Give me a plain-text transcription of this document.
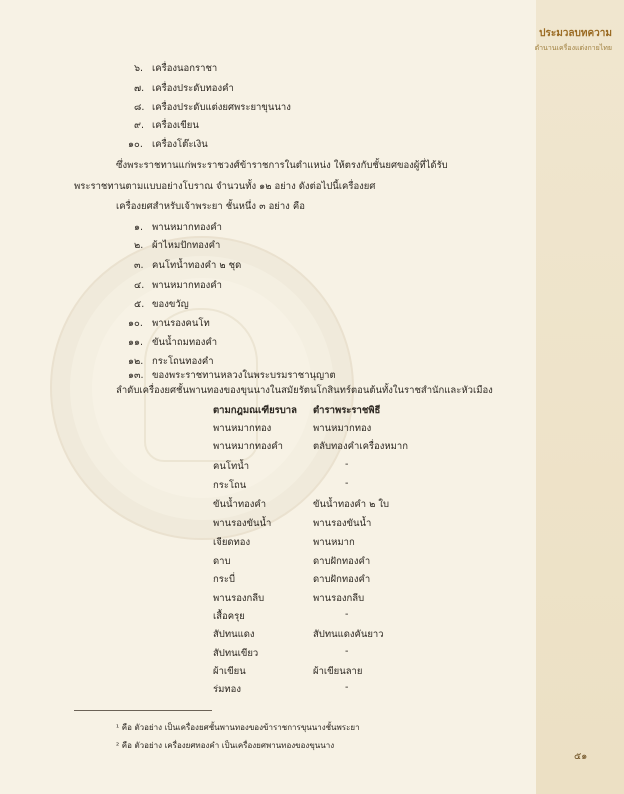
ประมวลบทความ
ตำนานเครื่องแต่งกายไทย
๖. เครื่องนอกราชา
๗. เครื่องประดับทองคำ
๘. เครื่องประดับแต่งยศพระยาขุนนาง
๙. เครื่องเขียน
๑๐. เครื่องโต๊ะเงิน
ซึ่งพระราชทานแก่พระราชวงศ์ข้าราชการในตำแหน่ง ให้ตรงกับชั้นยศของผู้ที่ได้รับ
พระราชทานตามแบบอย่างโบราณ จำนวนทั้ง ๑๒ อย่าง ดังต่อไปนี้เครื่องยศ
เครื่องยศสำหรับเจ้าพระยา ชั้นหนึ่ง ๓ อย่าง คือ
๑. พานหมากทองคำ
๒. ผ้าไหมปักทองคำ
๓. คนโทน้ำทองคำ ๒ ชุด
๔. พานหมากทองคำ
๕. ของขวัญ
๑๐. พานรองคนโท
๑๑. ขันน้ำถมทองคำ
๑๒. กระโถนทองคำ
๑๓. ของพระราชทานหลวงในพระบรมราชานุญาต
ลำดับเครื่องยศชั้นพานทองของขุนนางในสมัยรัตนโกสินทร์ตอนต้นทั้งในราชสำนักและหัวเมือง
ตามกฎมณเฑียรบาล ตำราพระราชพิธี
พานหมากทอง	พานหมากทอง
พานหมากทองคำ	ตลับทองคำเครื่องหมาก
คนโทน้ำ	-
กระโถน	-
ขันน้ำทองคำ	ขันน้ำทองคำ ๒ ใบ
พานรองขันน้ำ	พานรองขันน้ำ
เจียดทอง	พานหมาก
ดาบ	ดาบฝักทองคำ
กระบี่	ดาบฝักทองคำ
พานรองกลีบ	พานรองกลีบ
เสื้อครุย	-
สัปทนแดง	สัปทนแดงคันยาว
สัปทนเขียว	-
ผ้าเขียน	ผ้าเขียนลาย
ร่มทอง	-
¹ คือ ตัวอย่าง เป็นเครื่องยศชั้นพานทองของข้าราชการขุนนางชั้นพระยา
² คือ ตัวอย่าง เครื่องยศทองคำ เป็นเครื่องยศพานทองของขุนนาง
๕๑
